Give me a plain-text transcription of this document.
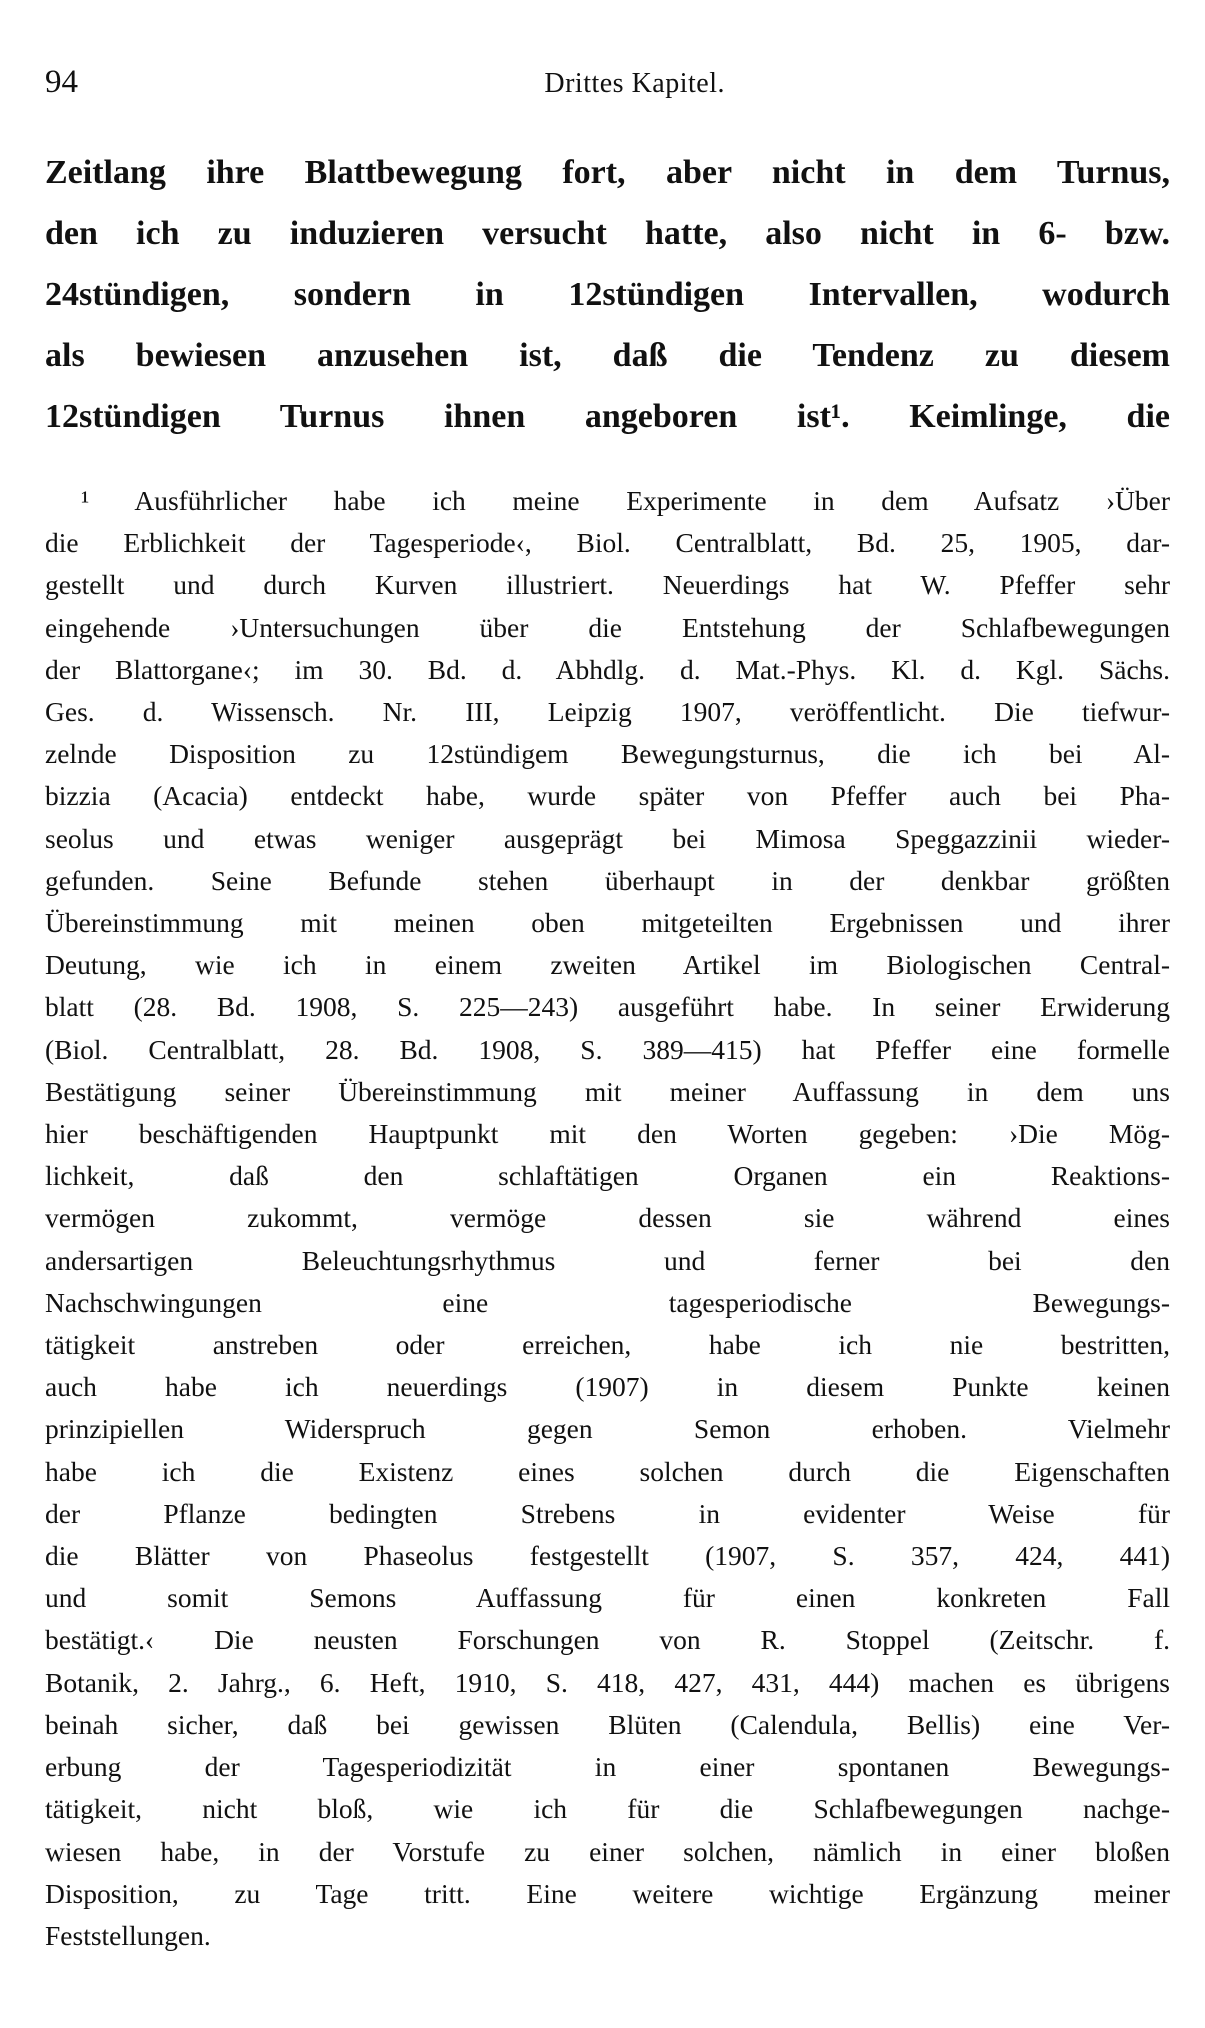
94	Drittes Kapitel.
Zeitlang ihre Blattbewegung fort, aber nicht in dem Turnus,
den ich zu induzieren versucht hatte, also nicht in 6- bzw.
24stündigen, sondern in 12stündigen Intervallen, wodurch
als bewiesen anzusehen ist, daß die Tendenz zu diesem
12stündigen Turnus ihnen angeboren ist¹. Keimlinge, die
¹ Ausführlicher habe ich meine Experimente in dem Aufsatz ›Über
die Erblichkeit der Tagesperiode‹, Biol. Centralblatt, Bd. 25, 1905, dar-
gestellt und durch Kurven illustriert. Neuerdings hat W. Pfeffer sehr
eingehende ›Untersuchungen über die Entstehung der Schlafbewegungen
der Blattorgane‹; im 30. Bd. d. Abhdlg. d. Mat.-Phys. Kl. d. Kgl. Sächs.
Ges. d. Wissensch. Nr. III, Leipzig 1907, veröffentlicht. Die tiefwur-
zelnde Disposition zu 12stündigem Bewegungsturnus, die ich bei Al-
bizzia (Acacia) entdeckt habe, wurde später von Pfeffer auch bei Pha-
seolus und etwas weniger ausgeprägt bei Mimosa Speggazzinii wieder-
gefunden. Seine Befunde stehen überhaupt in der denkbar größten
Übereinstimmung mit meinen oben mitgeteilten Ergebnissen und ihrer
Deutung, wie ich in einem zweiten Artikel im Biologischen Central-
blatt (28. Bd. 1908, S. 225—243) ausgeführt habe. In seiner Erwiderung
(Biol. Centralblatt, 28. Bd. 1908, S. 389—415) hat Pfeffer eine formelle
Bestätigung seiner Übereinstimmung mit meiner Auffassung in dem uns
hier beschäftigenden Hauptpunkt mit den Worten gegeben: ›Die Mög-
lichkeit, daß den schlaftätigen Organen ein Reaktions-
vermögen zukommt, vermöge dessen sie während eines
andersartigen Beleuchtungsrhythmus und ferner bei den
Nachschwingungen eine tagesperiodische Bewegungs-
tätigkeit anstreben oder erreichen, habe ich nie bestritten,
auch habe ich neuerdings (1907) in diesem Punkte keinen
prinzipiellen Widerspruch gegen Semon erhoben. Vielmehr
habe ich die Existenz eines solchen durch die Eigenschaften
der Pflanze bedingten Strebens in evidenter Weise für
die Blätter von Phaseolus festgestellt (1907, S. 357, 424, 441)
und somit Semons Auffassung für einen konkreten Fall
bestätigt.‹ Die neusten Forschungen von R. Stoppel (Zeitschr. f.
Botanik, 2. Jahrg., 6. Heft, 1910, S. 418, 427, 431, 444) machen es übrigens
beinah sicher, daß bei gewissen Blüten (Calendula, Bellis) eine Ver-
erbung der Tagesperiodizität in einer spontanen Bewegungs-
tätigkeit, nicht bloß, wie ich für die Schlafbewegungen nachge-
wiesen habe, in der Vorstufe zu einer solchen, nämlich in einer bloßen
Disposition, zu Tage tritt. Eine weitere wichtige Ergänzung meiner
Feststellungen.
